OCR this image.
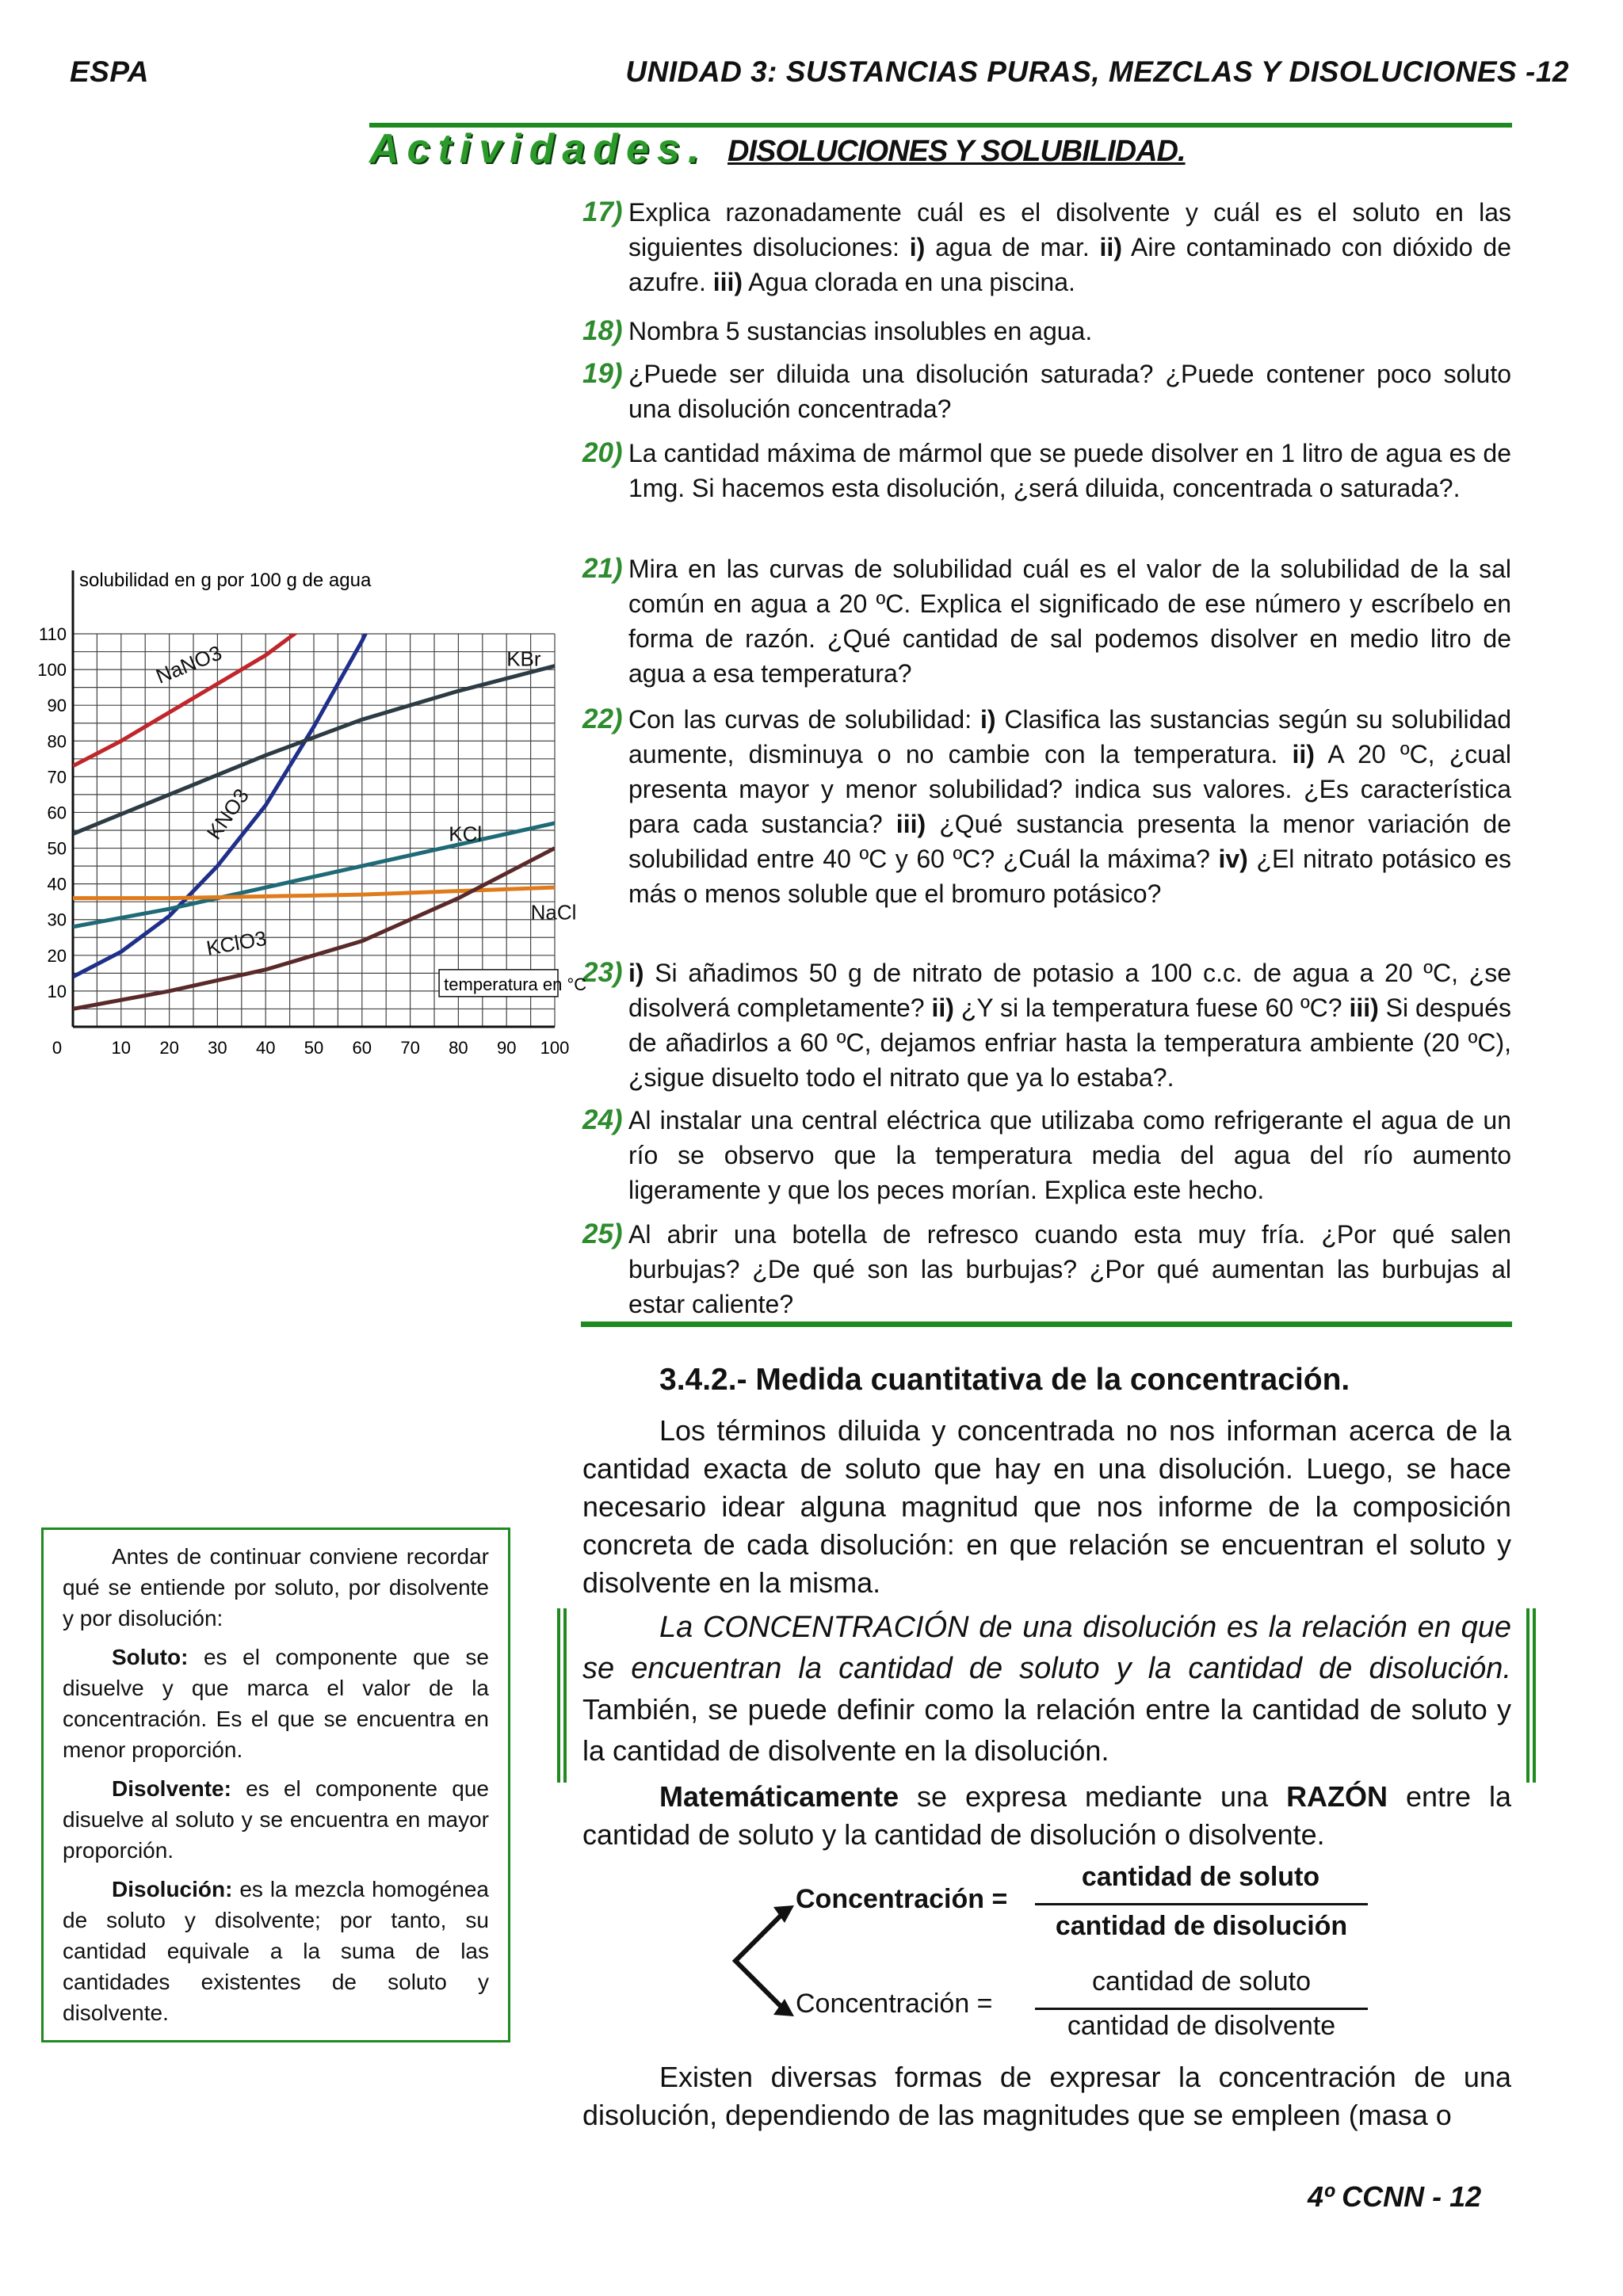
ESPA	UNIDAD 3: SUSTANCIAS PURAS, MEZCLAS Y DISOLUCIONES -12
Actividades. DISOLUCIONES Y SOLUBILIDAD.
17) Explica razonadamente cuál es el disolvente y cuál es el soluto en las siguientes disoluciones: i) agua de mar. ii) Aire contaminado con dióxido de azufre. iii) Agua clorada en una piscina.
18) Nombra 5 sustancias insolubles en agua.
19) ¿Puede ser diluida una disolución saturada? ¿Puede contener poco soluto una disolución concentrada?
20) La cantidad máxima de mármol que se puede disolver en 1 litro de agua es de 1mg. Si hacemos esta disolución, ¿será diluida, concentrada o saturada?.
21) Mira en las curvas de solubilidad cuál es el valor de la solubilidad de la sal común en agua a 20 ºC. Explica el significado de ese número y escríbelo en forma de razón. ¿Qué cantidad de sal podemos disolver en medio litro de agua a esa temperatura?
22) Con las curvas de solubilidad: i) Clasifica las sustancias según su solubilidad aumente, disminuya o no cambie con la temperatura. ii) A 20 ºC, ¿cual presenta mayor y menor solubilidad? indica sus valores. ¿Es característica para cada sustancia? iii) ¿Qué sustancia presenta la menor variación de solubilidad entre 40 ºC y 60 ºC? ¿Cuál la máxima? iv) ¿El nitrato potásico es más o menos soluble que el bromuro potásico?
23) i) Si añadimos 50 g de nitrato de potasio a 100 c.c. de agua a 20 ºC, ¿se disolverá completamente? ii) ¿Y si la temperatura fuese 60 ºC? iii) Si después de añadirlos a 60 ºC, dejamos enfriar hasta la temperatura ambiente (20 ºC), ¿sigue disuelto todo el nitrato que ya lo estaba?.
24) Al instalar una central eléctrica que utilizaba como refrigerante el agua de un río se observo que la temperatura media del agua del río aumento ligeramente y que los peces morían. Explica este hecho.
25) Al abrir una botella de refresco cuando esta muy fría. ¿Por qué salen burbujas? ¿De qué son las burbujas? ¿Por qué aumentan las burbujas al estar caliente?
10
20
30
40
50
60
70
80
90
100
110
0	10 20 30 40 50 60 70 80 90 100
solubilidad en g por 100 g de agua
NaNO3
KNO3
KBr
KCl
NaCl
KClO3
temperatura en °C
3.4.2.- Medida cuantitativa de la concentración.
Los términos diluida y concentrada no nos informan acerca de la cantidad exacta de soluto que hay en una disolución. Luego, se hace necesario idear alguna magnitud que nos informe de la composición concreta de cada disolución: en que relación se encuentran el soluto y disolvente en la misma.
La CONCENTRACIÓN de una disolución es la relación en que se encuentran la cantidad de soluto y la cantidad de disolución. También, se puede definir como la relación entre la cantidad de soluto y la cantidad de disolvente en la disolución.
Matemáticamente se expresa mediante una RAZÓN entre la cantidad de soluto y la cantidad de disolución o disolvente.
Concentración =
cantidad de soluto
cantidad de disolución
Concentración =
cantidad de soluto
cantidad de disolvente
Existen diversas formas de expresar la concentración de una disolución, dependiendo de las magnitudes que se empleen (masa o

Antes de continuar conviene recordar qué se entiende por soluto, por disolvente y por disolución:

Soluto: es el componente que se disuelve y que marca el valor de la concentración. Es el que se encuentra en menor proporción.

Disolvente: es el componente que disuelve al soluto y se encuentra en mayor proporción.

Disolución: es la mezcla homogénea de soluto y disolvente; por tanto, su cantidad equivale a la suma de las cantidades existentes de soluto y disolvente.

4º CCNN - 12
